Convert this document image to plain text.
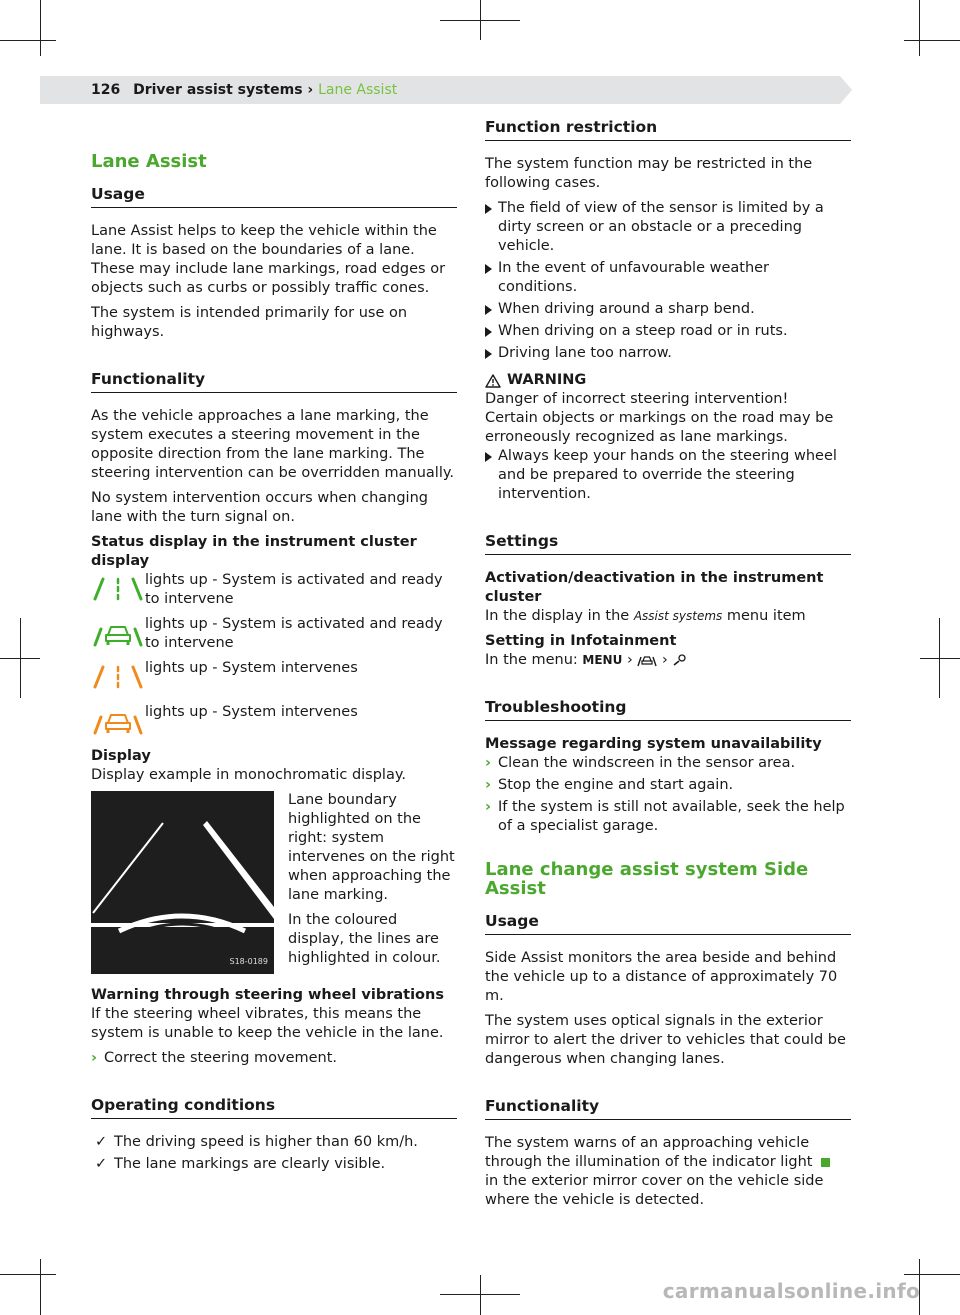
126 Driver assist systems › Lane Assist
Lane Assist
Usage
Lane Assist helps to keep the vehicle within the lane. It is based on the boundaries of a lane. These may include lane markings, road edges or objects such as curbs or possibly traffic cones.
The system is intended primarily for use on highways.
Functionality
As the vehicle approaches a lane marking, the system executes a steering movement in the opposite direction from the lane marking. The steering intervention can be overridden manually.
No system intervention occurs when changing lane with the turn signal on.
Status display in the instrument cluster display
lights up - System is activated and ready to intervene
lights up - System is activated and ready to intervene
lights up - System intervenes
lights up - System intervenes
Display
Display example in monochromatic display.
S18-0189
Lane boundary highlighted on the right: system intervenes on the right when approaching the lane marking.
In the coloured display, the lines are highlighted in colour.
Warning through steering wheel vibrations
If the steering wheel vibrates, this means the system is unable to keep the vehicle in the lane.
› Correct the steering movement.
Operating conditions
✓ The driving speed is higher than 60 km/h.
✓ The lane markings are clearly visible.
Function restriction
The system function may be restricted in the following cases.
The field of view of the sensor is limited by a dirty screen or an obstacle or a preceding vehicle.
In the event of unfavourable weather conditions.
When driving around a sharp bend.
When driving on a steep road or in ruts.
Driving lane too narrow.
WARNING
Danger of incorrect steering intervention!
Certain objects or markings on the road may be erroneously recognized as lane markings.
Always keep your hands on the steering wheel and be prepared to override the steering intervention.
Settings
Activation/deactivation in the instrument cluster
In the display in the Assist systems menu item
Setting in Infotainment
In the menu: MENU ›  ›
Troubleshooting
Message regarding system unavailability
› Clean the windscreen in the sensor area.
› Stop the engine and start again.
› If the system is still not available, seek the help of a specialist garage.
Lane change assist system Side Assist
Usage
Side Assist monitors the area beside and behind the vehicle up to a distance of approximately 70 m.
The system uses optical signals in the exterior mirror to alert the driver to vehicles that could be dangerous when changing lanes.
Functionality
The system warns of an approaching vehicle through the illumination of the indicator light  in the exterior mirror cover on the vehicle side where the vehicle is detected.
carmanualsonline.info
